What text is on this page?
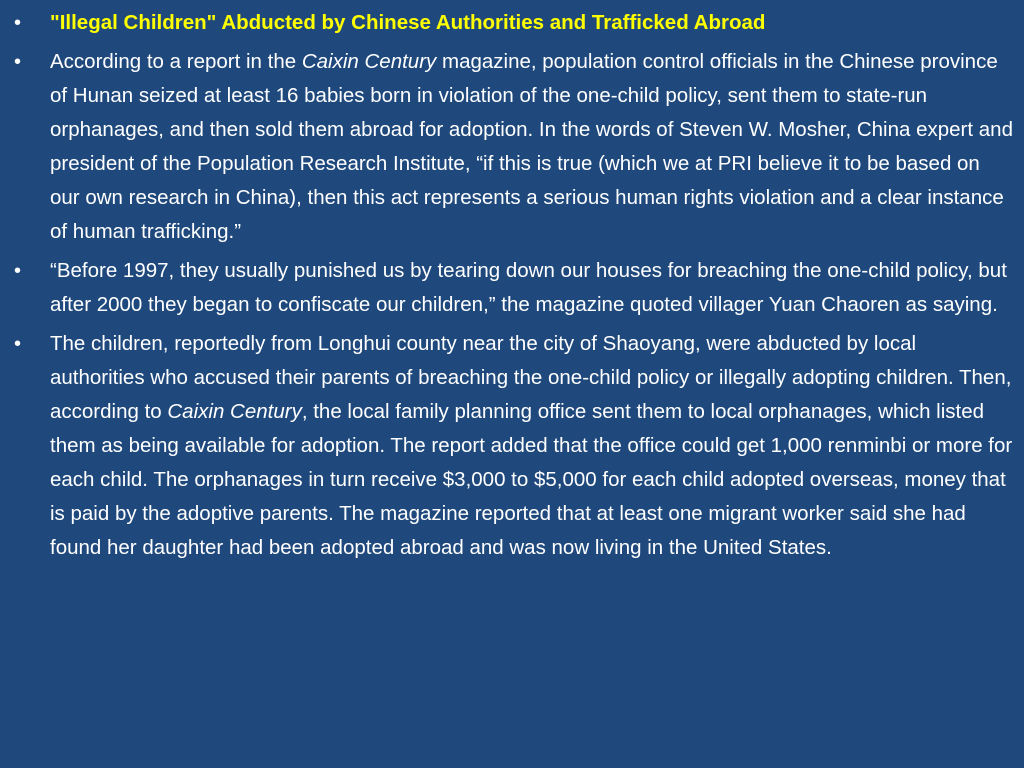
•	"Illegal Children" Abducted by Chinese Authorities and Trafficked Abroad
•	According to a report in the Caixin Century magazine, population control officials in the Chinese province of Hunan seized at least 16 babies born in violation of the one-child policy, sent them to state-run orphanages, and then sold them abroad for adoption. In the words of Steven W. Mosher, China expert and president of the Population Research Institute, “if this is true (which we at PRI believe it to be based on our own research in China), then this act represents a serious human rights violation and a clear instance of human trafficking.”
•	“Before 1997, they usually punished us by tearing down our houses for breaching the one-child policy, but after 2000 they began to confiscate our children,” the magazine quoted villager Yuan Chaoren as saying.
•	The children, reportedly from Longhui county near the city of Shaoyang, were abducted by local authorities who accused their parents of breaching the one-child policy or illegally adopting children. Then, according to Caixin Century, the local family planning office sent them to local orphanages, which listed them as being available for adoption. The report added that the office could get 1,000 renminbi or more for each child. The orphanages in turn receive $3,000 to $5,000 for each child adopted overseas, money that is paid by the adoptive parents. The magazine reported that at least one migrant worker said she had found her daughter had been adopted abroad and was now living in the United States.
